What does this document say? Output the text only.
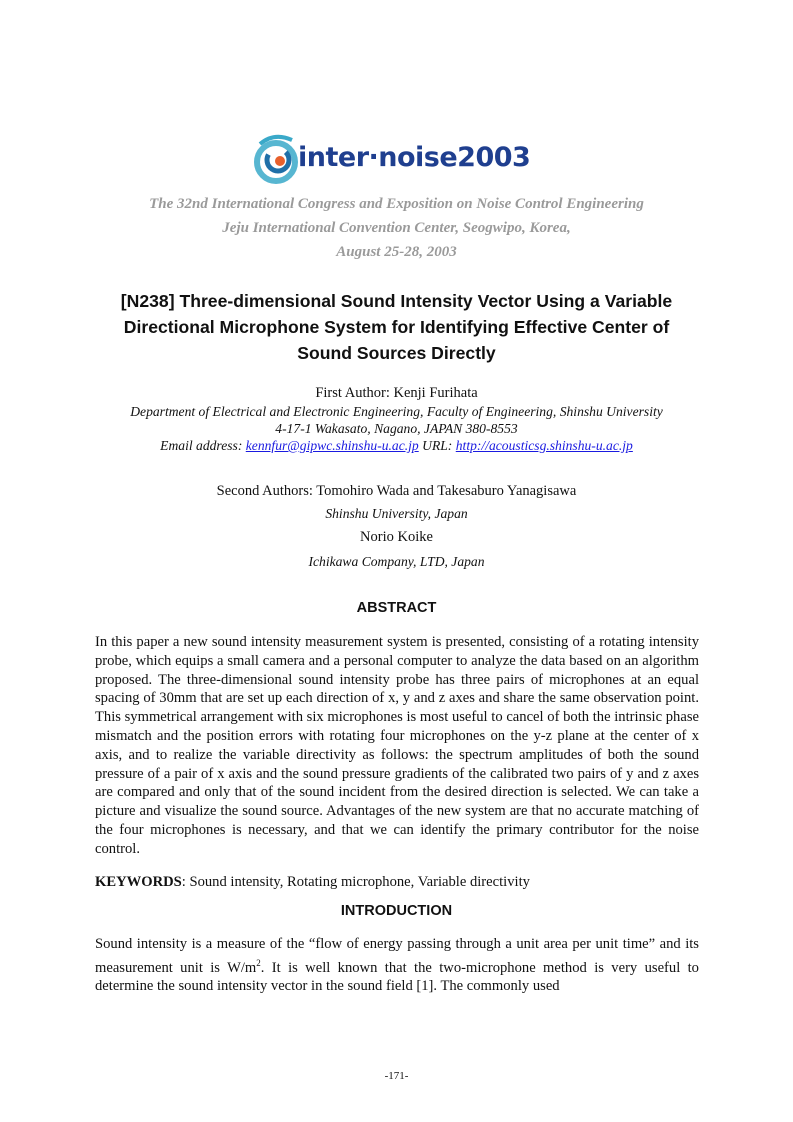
inter·noise2003
The 32nd International Congress and Exposition on Noise Control Engineering
Jeju International Convention Center, Seogwipo, Korea,
August 25-28, 2003
[N238] Three-dimensional Sound Intensity Vector Using a Variable
Directional Microphone System for Identifying Effective Center of
Sound Sources Directly
First Author: Kenji Furihata
Department of Electrical and Electronic Engineering, Faculty of Engineering, Shinshu University
4-17-1 Wakasato, Nagano, JAPAN 380-8553
Email address: kennfur@gipwc.shinshu-u.ac.jp URL: http://acousticsg.shinshu-u.ac.jp
Second Authors: Tomohiro Wada and Takesaburo Yanagisawa
Shinshu University, Japan
Norio Koike
Ichikawa Company, LTD, Japan
ABSTRACT

In this paper a new sound intensity measurement system is presented, consisting of a rotating intensity probe, which equips a small camera and a personal computer to analyze the data based on an algorithm proposed. The three-dimensional sound intensity probe has three pairs of microphones at an equal spacing of 30mm that are set up each direction of x, y and z axes and share the same observation point. This symmetrical arrangement with six microphones is most useful to cancel of both the intrinsic phase mismatch and the position errors with rotating four microphones on the y-z plane at the center of x axis, and to realize the variable directivity as follows: the spectrum amplitudes of both the sound pressure of a pair of x axis and the sound pressure gradients of the calibrated two pairs of y and z axes are compared and only that of the sound incident from the desired direction is selected. We can take a picture and visualize the sound source. Advantages of the new system are that no accurate matching of the four microphones is necessary, and that we can identify the primary contributor for the noise control.

KEYWORDS: Sound intensity, Rotating microphone, Variable directivity
INTRODUCTION

Sound intensity is a measure of the “flow of energy passing through a unit area per unit time” and its measurement unit is $W/m^2$. It is well known that the two-microphone method is very useful to determine the sound intensity vector in the sound field [1]. The commonly used

-171-
